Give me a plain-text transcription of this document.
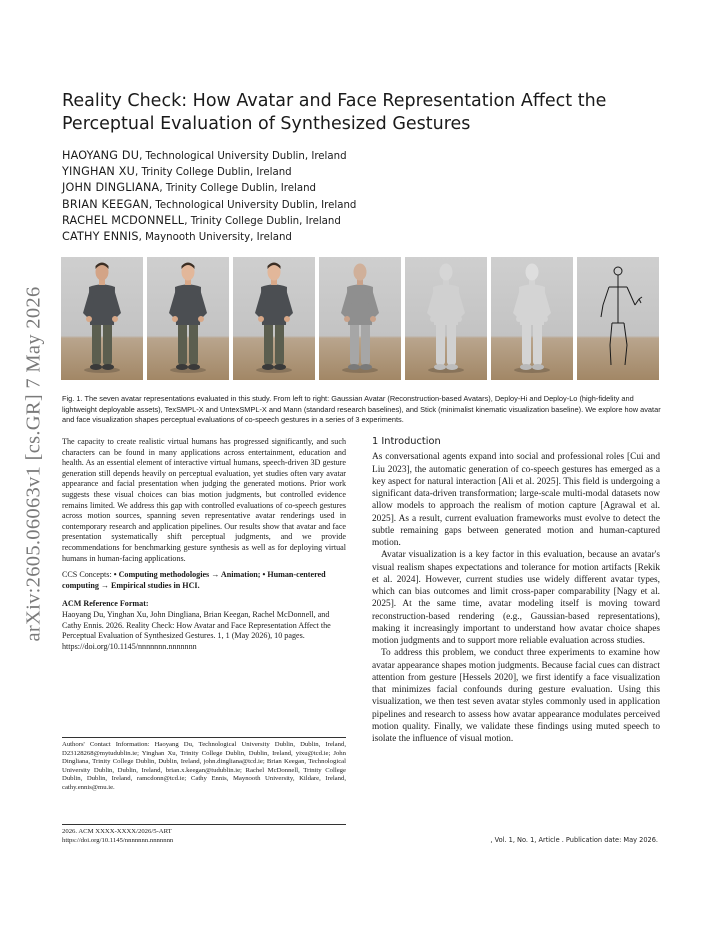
arXiv:2605.06063v1 [cs.GR] 7 May 2026
Reality Check: How Avatar and Face Representation Affect the Perceptual Evaluation of Synthesized Gestures
HAOYANG DU, Technological University Dublin, Ireland
YINGHAN XU, Trinity College Dublin, Ireland
JOHN DINGLIANA, Trinity College Dublin, Ireland
BRIAN KEEGAN, Technological University Dublin, Ireland
RACHEL MCDONNELL, Trinity College Dublin, Ireland
CATHY ENNIS, Maynooth University, Ireland

Fig. 1. The seven avatar representations evaluated in this study. From left to right: Gaussian Avatar (Reconstruction-based Avatars), Deploy-Hi and Deploy-Lo (high-fidelity and lightweight deployable assets), TexSMPL-X and UntexSMPL-X and Mann (standard research baselines), and Stick (minimalist kinematic visualization baseline). We explore how avatar and face visualization shapes perceptual evaluations of co-speech gestures in a series of 3 experiments.

The capacity to create realistic virtual humans has progressed significantly, and such characters can be found in many applications across entertainment, education and health. As an essential element of interactive virtual humans, speech-driven 3D gesture generation still depends heavily on perceptual evaluation, yet studies often vary avatar appearance and facial presentation when judging the generated motions. Prior work suggests these visual choices can bias motion judgments, but controlled evidence remains limited. We address this gap with controlled evaluations of co-speech gestures across motion sources, spanning seven representative avatar renderings used in contemporary research and application pipelines. Our results show that avatar and face presentation systematically shift perceptual judgments, and we provide recommendations for benchmarking gesture synthesis as well as for deploying virtual humans in human-facing applications.

CCS Concepts: • Computing methodologies → Animation; • Human-centered computing → Empirical studies in HCI.

ACM Reference Format:

Haoyang Du, Yinghan Xu, John Dingliana, Brian Keegan, Rachel McDonnell, and Cathy Ennis. 2026. Reality Check: How Avatar and Face Representation Affect the Perceptual Evaluation of Synthesized Gestures. 1, 1 (May 2026), 10 pages. https://doi.org/10.1145/nnnnnnn.nnnnnnn

Authors' Contact Information: Haoyang Du, Technological University Dublin, Dublin, Ireland, D23128268@mytudublin.ie; Yinghan Xu, Trinity College Dublin, Dublin, Ireland, yixu@tcd.ie; John Dingliana, Trinity College Dublin, Dublin, Ireland, john.dingliana@tcd.ie; Brian Keegan, Technological University Dublin, Dublin, Ireland, brian.x.keegan@tudublin.ie; Rachel McDonnell, Trinity College Dublin, Dublin, Ireland, ramcdonn@tcd.ie; Cathy Ennis, Maynooth University, Kildare, Ireland, cathy.ennis@mu.ie.

2026. ACM XXXX-XXXX/2026/5-ART
https://doi.org/10.1145/nnnnnnn.nnnnnnn
1 Introduction

As conversational agents expand into social and professional roles [Cui and Liu 2023], the automatic generation of co-speech gestures has emerged as a key aspect for natural interaction [Ali et al. 2025]. This field is undergoing a significant data-driven transformation; large-scale multi-modal datasets now allow models to approach the realism of motion capture [Agrawal et al. 2025]. As a result, current evaluation frameworks must evolve to detect the subtle remaining gaps between generated motion and human-captured motion.

Avatar visualization is a key factor in this evaluation, because an avatar's visual realism shapes expectations and tolerance for motion artifacts [Rekik et al. 2024]. However, current studies use widely different avatar types, which can bias outcomes and limit cross-paper comparability [Nagy et al. 2025]. At the same time, avatar modeling itself is moving toward reconstruction-based rendering (e.g., Gaussian-based representations), making it increasingly important to understand how avatar choice shapes motion judgments and to support more reliable evaluation across studies.

To address this problem, we conduct three experiments to examine how avatar appearance shapes motion judgments. Because facial cues can distract attention from gesture [Hessels 2020], we first identify a face visualization that minimizes facial confounds during gesture evaluation. Using this visualization, we then test seven avatar styles commonly used in application pipelines and research to assess how avatar appearance modulates perceived motion quality. Finally, we validate these findings using muted speech to isolate the influence of visual motion.

, Vol. 1, No. 1, Article . Publication date: May 2026.
